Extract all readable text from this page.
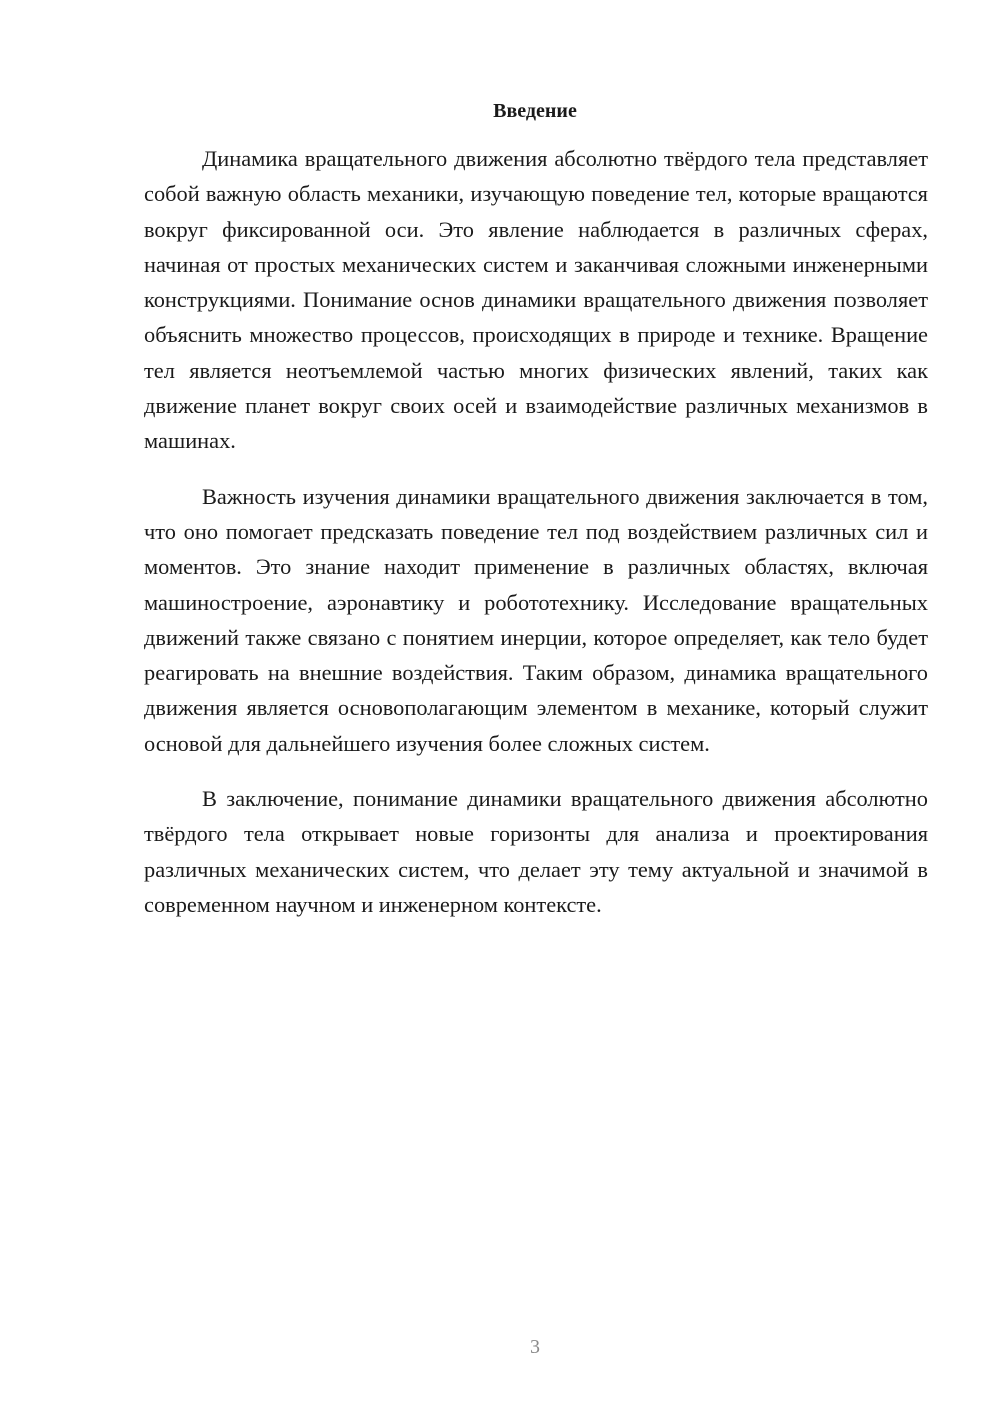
Введение

Динамика вращательного движения абсолютно твёрдого тела представляет собой важную область механики, изучающую поведение тел, которые вращаются вокруг фиксированной оси. Это явление наблюдается в различных сферах, начиная от простых механических систем и заканчивая сложными инженерными конструкциями. Понимание основ динамики вращательного движения позволяет объяснить множество процессов, происходящих в природе и технике. Вращение тел является неотъемлемой частью многих физических явлений, таких как движение планет вокруг своих осей и взаимодействие различных механизмов в машинах.

Важность изучения динамики вращательного движения заключается в том, что оно помогает предсказать поведение тел под воздействием различных сил и моментов. Это знание находит применение в различных областях, включая машиностроение, аэронавтику и робототехнику. Исследование вращательных движений также связано с понятием инерции, которое определяет, как тело будет реагировать на внешние воздействия. Таким образом, динамика вращательного движения является основополагающим элементом в механике, который служит основой для дальнейшего изучения более сложных систем.

В заключение, понимание динамики вращательного движения абсолютно твёрдого тела открывает новые горизонты для анализа и проектирования различных механических систем, что делает эту тему актуальной и значимой в современном научном и инженерном контексте.

3
